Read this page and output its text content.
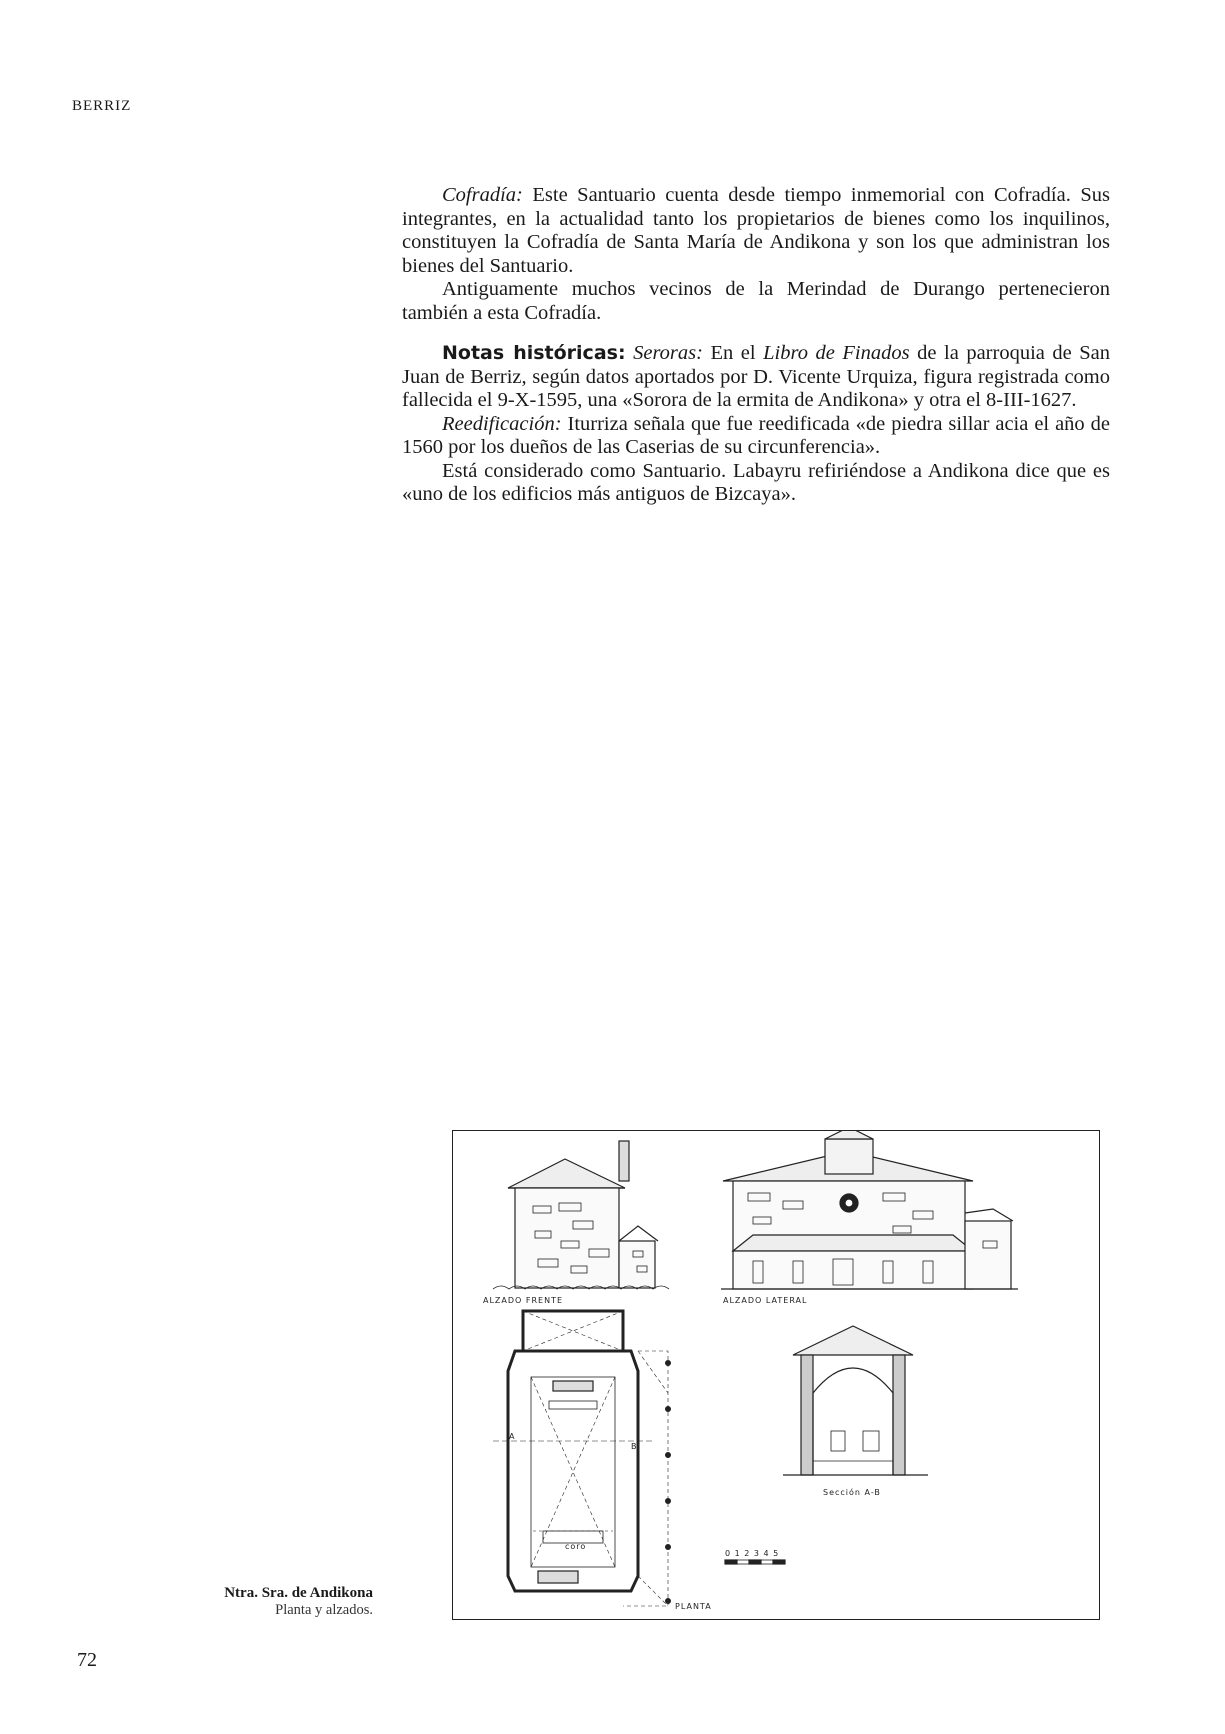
BERRIZ

Cofradía: Este Santuario cuenta desde tiempo inmemorial con Cofradía. Sus integrantes, en la actualidad tanto los propietarios de bienes como los inquilinos, constituyen la Cofradía de Santa María de Andikona y son los que administran los bienes del Santuario.

Antiguamente muchos vecinos de la Merindad de Durango pertenecieron también a esta Cofradía.

Notas históricas: Seroras: En el Libro de Finados de la parroquia de San Juan de Berriz, según datos aportados por D. Vicente Urquiza, figura registrada como fallecida el 9-X-1595, una «Sorora de la ermita de Andikona» y otra el 8-III-1627.

Reedificación: Iturriza señala que fue reedificada «de piedra sillar acia el año de 1560 por los dueños de las Caserias de su circunferencia».

Está considerado como Santuario. Labayru refiriéndose a Andikona dice que es «uno de los edificios más antiguos de Bizcaya».

ALZADO FRENTE	ALZADO LATERAL
coro
A
B
PLANTA
Sección A-B
0 1 2 3 4 5
Ntra. Sra. de Andikona
Planta y alzados.
72
